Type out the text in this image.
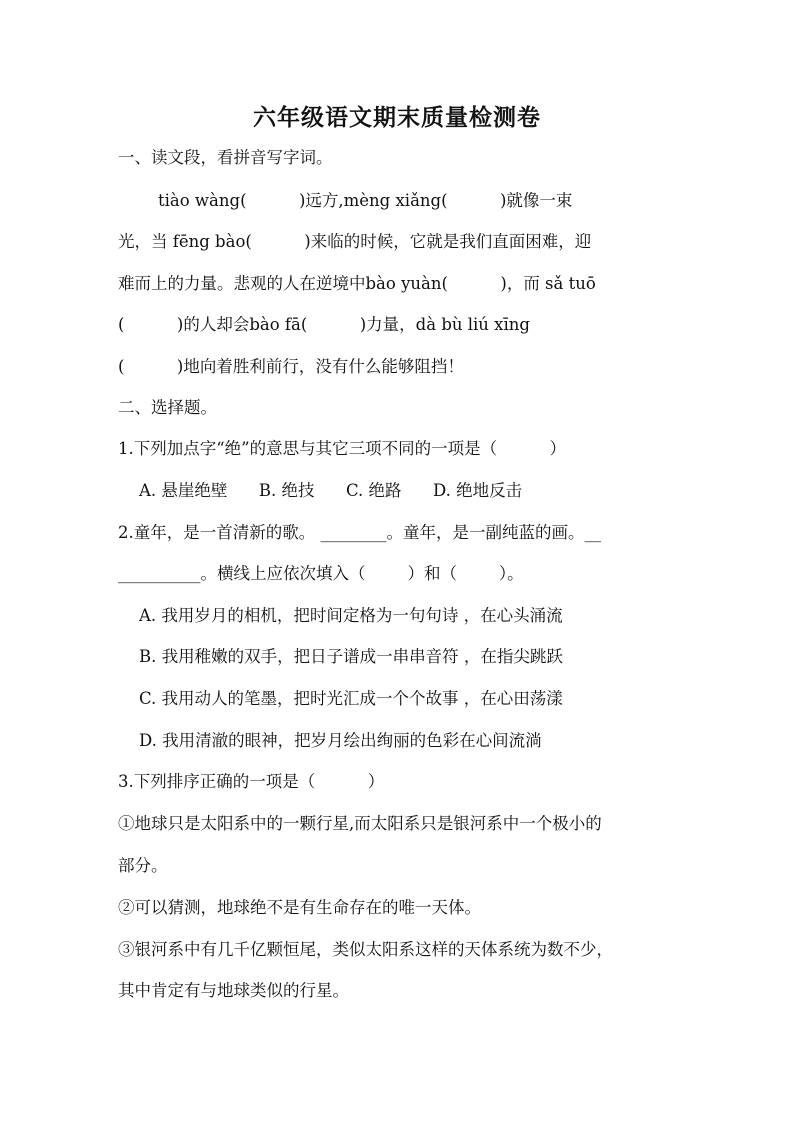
六年级语文期末质量检测卷

一、读文段，看拼音写字词。

tiào wàng(          )远方,mèng xiǎng(          )就像一束

光，当 fēng bào(          )来临的时候，它就是我们直面困难，迎

难而上的力量。悲观的人在逆境中bào yuàn(          )，而 sǎ tuō

(          )的人却会bào fā(          )力量，dà bù liú xīng

(          )地向着胜利前行，没有什么能够阻挡！

二、选择题。

1.下列加点字“绝”的意思与其它三项不同的一项是（          ）

A. 悬崖绝壁      B. 绝技      C. 绝路      D. 绝地反击

2.童年，是一首清新的歌。 ________。童年，是一副纯蓝的画。__

__________。横线上应依次填入（        ）和（        ）。

A. 我用岁月的相机，把时间定格为一句句诗 ，在心头涌流

B. 我用稚嫩的双手，把日子谱成一串串音符 ，在指尖跳跃

C. 我用动人的笔墨，把时光汇成一个个故事 ，在心田荡漾

D. 我用清澈的眼神，把岁月绘出绚丽的色彩在心间流淌

3.下列排序正确的一项是（          ）

①地球只是太阳系中的一颗行星,而太阳系只是银河系中一个极小的

部分。

②可以猜测，地球绝不是有生命存在的唯一天体。

③银河系中有几千亿颗恒尾，类似太阳系这样的天体系统为数不少，

其中肯定有与地球类似的行星。
